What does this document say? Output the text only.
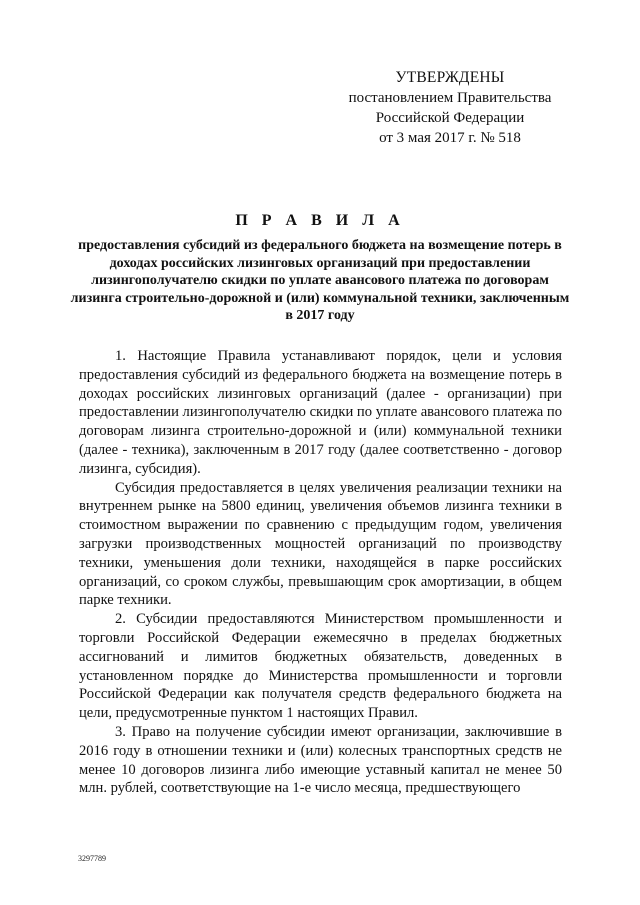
УТВЕРЖДЕНЫ
постановлением Правительства
Российской Федерации
от 3 мая 2017 г. № 518
П Р А В И Л А
предоставления субсидий из федерального бюджета на возмещение потерь в доходах российских лизинговых организаций при предоставлении лизингополучателю скидки по уплате авансового платежа по договорам лизинга строительно-дорожной и (или) коммунальной техники, заключенным в 2017 году

1. Настоящие Правила устанавливают порядок, цели и условия предоставления субсидий из федерального бюджета на возмещение потерь в доходах российских лизинговых организаций (далее - организации) при предоставлении лизингополучателю скидки по уплате авансового платежа по договорам лизинга строительно-дорожной и (или) коммунальной техники (далее - техника), заключенным в 2017 году (далее соответственно - договор лизинга, субсидия).

Субсидия предоставляется в целях увеличения реализации техники на внутреннем рынке на 5800 единиц, увеличения объемов лизинга техники в стоимостном выражении по сравнению с предыдущим годом, увеличения загрузки производственных мощностей организаций по производству техники, уменьшения доли техники, находящейся в парке российских организаций, со сроком службы, превышающим срок амортизации, в общем парке техники.

2. Субсидии предоставляются Министерством промышленности и торговли Российской Федерации ежемесячно в пределах бюджетных ассигнований и лимитов бюджетных обязательств, доведенных в установленном порядке до Министерства промышленности и торговли Российской Федерации как получателя средств федерального бюджета на цели, предусмотренные пунктом 1 настоящих Правил.

3. Право на получение субсидии имеют организации, заключившие в 2016 году в отношении техники и (или) колесных транспортных средств не менее 10 договоров лизинга либо имеющие уставный капитал не менее 50 млн. рублей, соответствующие на 1-е число месяца, предшествующего

3297789
